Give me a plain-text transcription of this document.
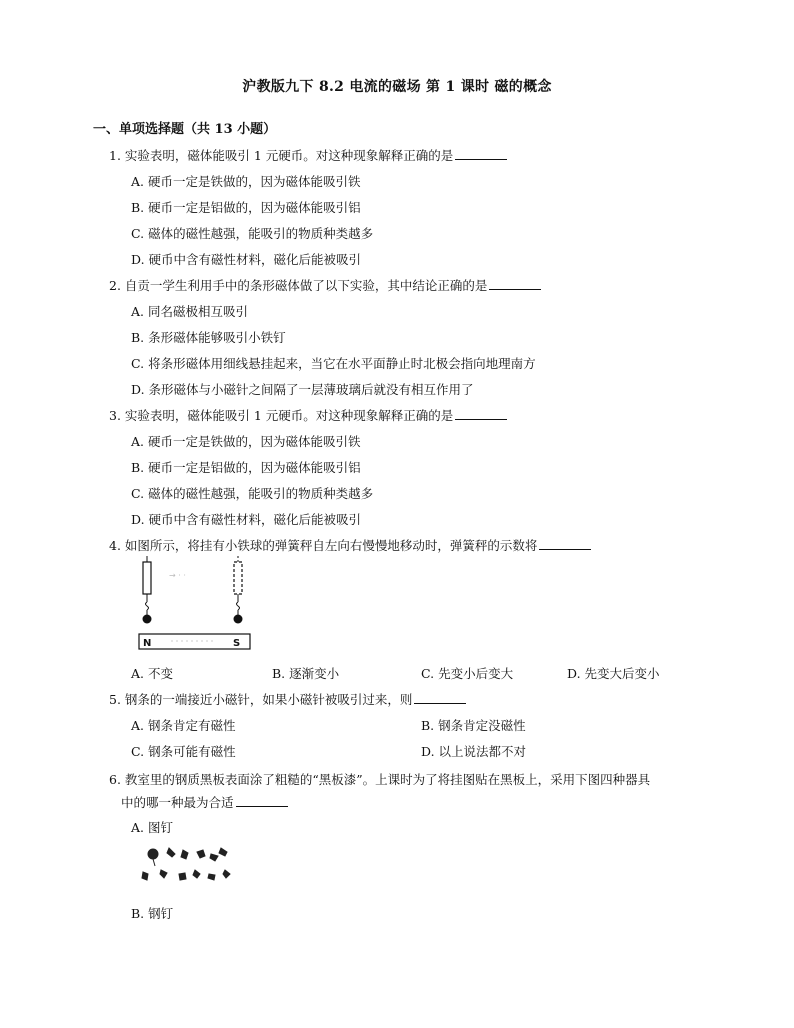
沪教版九下 8.2 电流的磁场 第 1 课时 磁的概念
一、单项选择题（共 13 小题）
1. 实验表明，磁体能吸引 1 元硬币。对这种现象解释正确的是
A. 硬币一定是铁做的，因为磁体能吸引铁
B. 硬币一定是铝做的，因为磁体能吸引铝
C. 磁体的磁性越强，能吸引的物质种类越多
D. 硬币中含有磁性材料，磁化后能被吸引
2. 自贡一学生利用手中的条形磁体做了以下实验，其中结论正确的是
A. 同名磁极相互吸引
B. 条形磁体能够吸引小铁钉
C. 将条形磁体用细线悬挂起来，当它在水平面静止时北极会指向地理南方
D. 条形磁体与小磁针之间隔了一层薄玻璃后就没有相互作用了
3. 实验表明，磁体能吸引 1 元硬币。对这种现象解释正确的是
A. 硬币一定是铁做的，因为磁体能吸引铁
B. 硬币一定是铝做的，因为磁体能吸引铝
C. 磁体的磁性越强，能吸引的物质种类越多
D. 硬币中含有磁性材料，磁化后能被吸引
4. 如图所示，将挂有小铁球的弹簧秤自左向右慢慢地移动时，弹簧秤的示数将
→ · ·
N	S
A. 不变	B. 逐渐变小	C. 先变小后变大	D. 先变大后变小
5. 钢条的一端接近小磁针，如果小磁针被吸引过来，则
A. 钢条肯定有磁性	B. 钢条肯定没磁性
C. 钢条可能有磁性	D. 以上说法都不对
6. 教室里的钢质黑板表面涂了粗糙的“黑板漆”。上课时为了将挂图贴在黑板上，采用下图四种器具
中的哪一种最为合适
A. 图钉
B. 钢钉
